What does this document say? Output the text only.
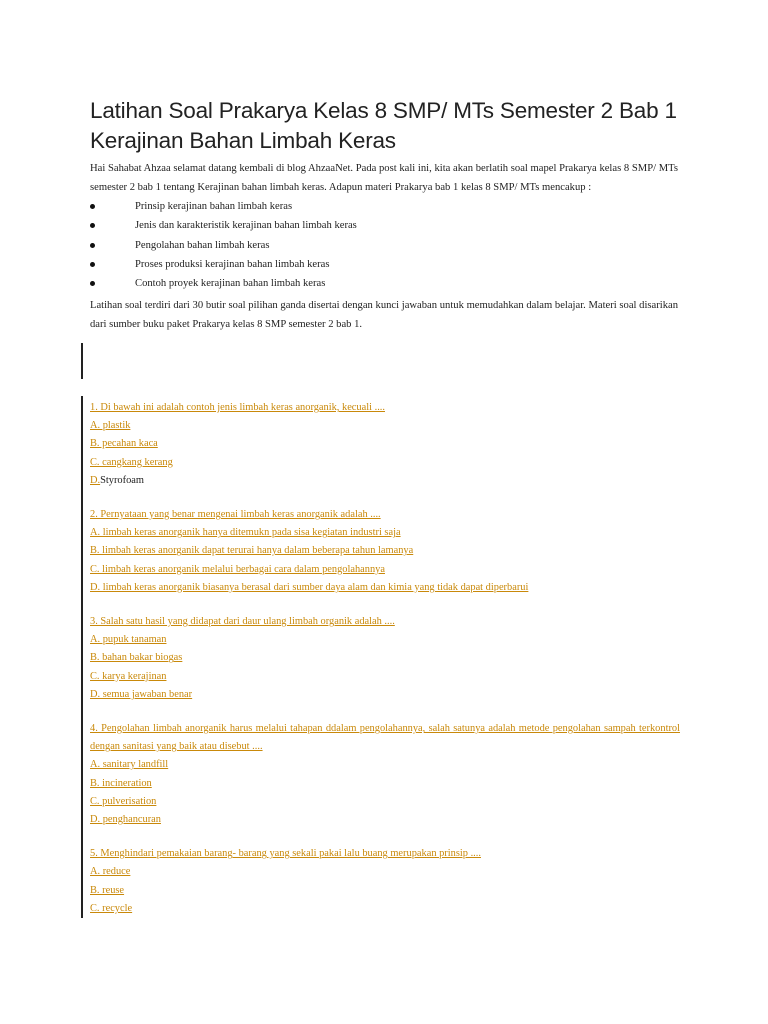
Latihan Soal Prakarya Kelas 8 SMP/ MTs Semester 2 Bab 1 Kerajinan Bahan Limbah Keras

Hai Sahabat Ahzaa selamat datang kembali di blog AhzaaNet. Pada post kali ini, kita akan berlatih soal mapel Prakarya kelas 8 SMP/ MTs semester 2 bab 1 tentang Kerajinan bahan limbah keras. Adapun materi Prakarya bab 1 kelas 8 SMP/ MTs mencakup :

Prinsip kerajinan bahan limbah keras
Jenis dan karakteristik kerajinan bahan limbah keras
Pengolahan bahan limbah keras
Proses produksi kerajinan bahan limbah keras
Contoh proyek kerajinan bahan limbah keras

Latihan soal terdiri dari 30 butir soal pilihan ganda disertai dengan kunci jawaban untuk memudahkan dalam belajar. Materi soal disarikan dari sumber buku paket Prakarya kelas 8 SMP semester 2 bab 1.

1. Di bawah ini adalah contoh jenis limbah keras anorganik, kecuali ....

A. plastik

B. pecahan kaca

C. cangkang kerang

D.Styrofoam

2. Pernyataan yang benar mengenai limbah keras anorganik adalah ....

A. limbah keras anorganik hanya ditemukn pada sisa kegiatan industri saja

B. limbah keras anorganik dapat terurai hanya dalam beberapa tahun lamanya

C. limbah keras anorganik melalui berbagai cara dalam pengolahannya

D. limbah keras anorganik biasanya berasal dari sumber daya alam dan kimia yang tidak dapat diperbarui

3. Salah satu hasil yang didapat dari daur ulang limbah organik adalah ....

A. pupuk tanaman

B. bahan bakar biogas

C. karya kerajinan

D. semua jawaban benar

4. Pengolahan limbah anorganik harus melalui tahapan ddalam pengolahannya, salah satunya adalah metode pengolahan sampah terkontrol dengan sanitasi yang baik atau disebut ....

A. sanitary landfill

B. incineration

C. pulverisation

D. penghancuran

5. Menghindari pemakaian barang- barang yang sekali pakai lalu buang merupakan prinsip ....

A. reduce

B. reuse

C. recycle
